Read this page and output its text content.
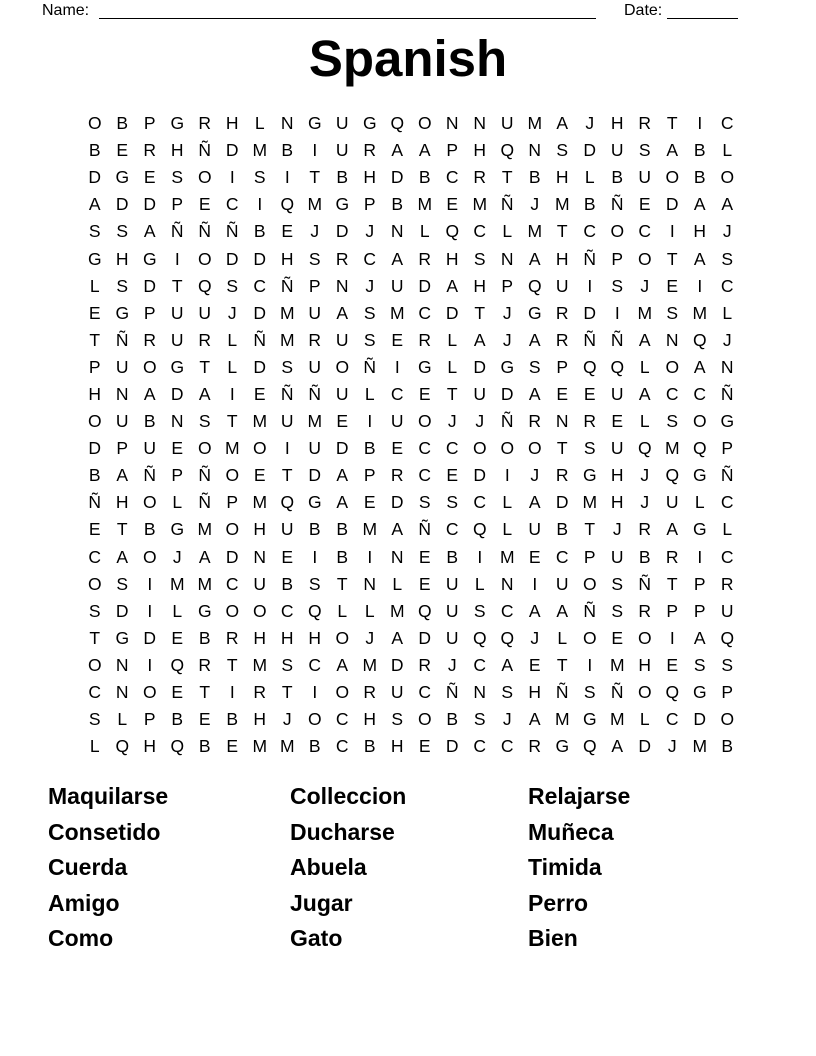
Name:	Date:
Spanish
O B P G R H L N G U G Q O N N U M A J H R T	I	C
B E R H Ñ D M B	I	U R A A P H Q N S D U S A B L
D G E S O	I	S	I	T B H D B C R T B H L B U O B O
A D D P E C	I	Q M G P B M E M Ñ J M B Ñ E D A A
S S A Ñ Ñ Ñ B E J D J N L Q C L M T C O C	I	H J
G H G	I	O D D H S R C A R H S N A H Ñ P O T A S
L S D T Q S C Ñ P N J U D A H P Q U	I	S J E	I	C
E G P U U J D M U A S M C D T	J G R D	I	M S M L
T Ñ R U R L Ñ M R U S E R L A J A R Ñ Ñ A N Q J
P U O G T L D S U O Ñ	I	G L D G S P Q Q L O A N
H N A D A	I	E Ñ Ñ U L C E T U D A E E U A C C Ñ
O U B N S T M U M E	I	U O J	J Ñ R N R E L S O G
D P U E O M O	I	U D B E C C O O O T S U Q M Q P
B A Ñ P Ñ O E T D A P R C E D	I	J R G H J Q G Ñ
Ñ H O L Ñ P M Q G A E D S S C L A D M H J U L C
E T B G M O H U B B M A Ñ C Q L U B T	J R A G L
C A O J A D N E	I	B	I	N E B	I	M E C P U B R	I	C
O S	I	M M C U B S T N L E U L N	I	U O S Ñ T P R
S D	I	L G O O C Q L	L M Q U S C A A Ñ S R P P U
T G D E B R H H H O J A D U Q Q J	L O E O	I	A Q
O N	I	Q R T M S C A M D R J C A E T	I	M H E S S
C N O E T	I	R T	I	O R U C Ñ N S H Ñ S Ñ O Q G P
S L P B E B H J O C H S O B S J A M G M L C D O
L Q H Q B E M M B C B H E D C C R G Q A D J M B
Maquilarse
Consetido
Cuerda
Amigo
Como
Colleccion
Ducharse
Abuela
Jugar
Gato
Relajarse
Muñeca
Timida
Perro
Bien
